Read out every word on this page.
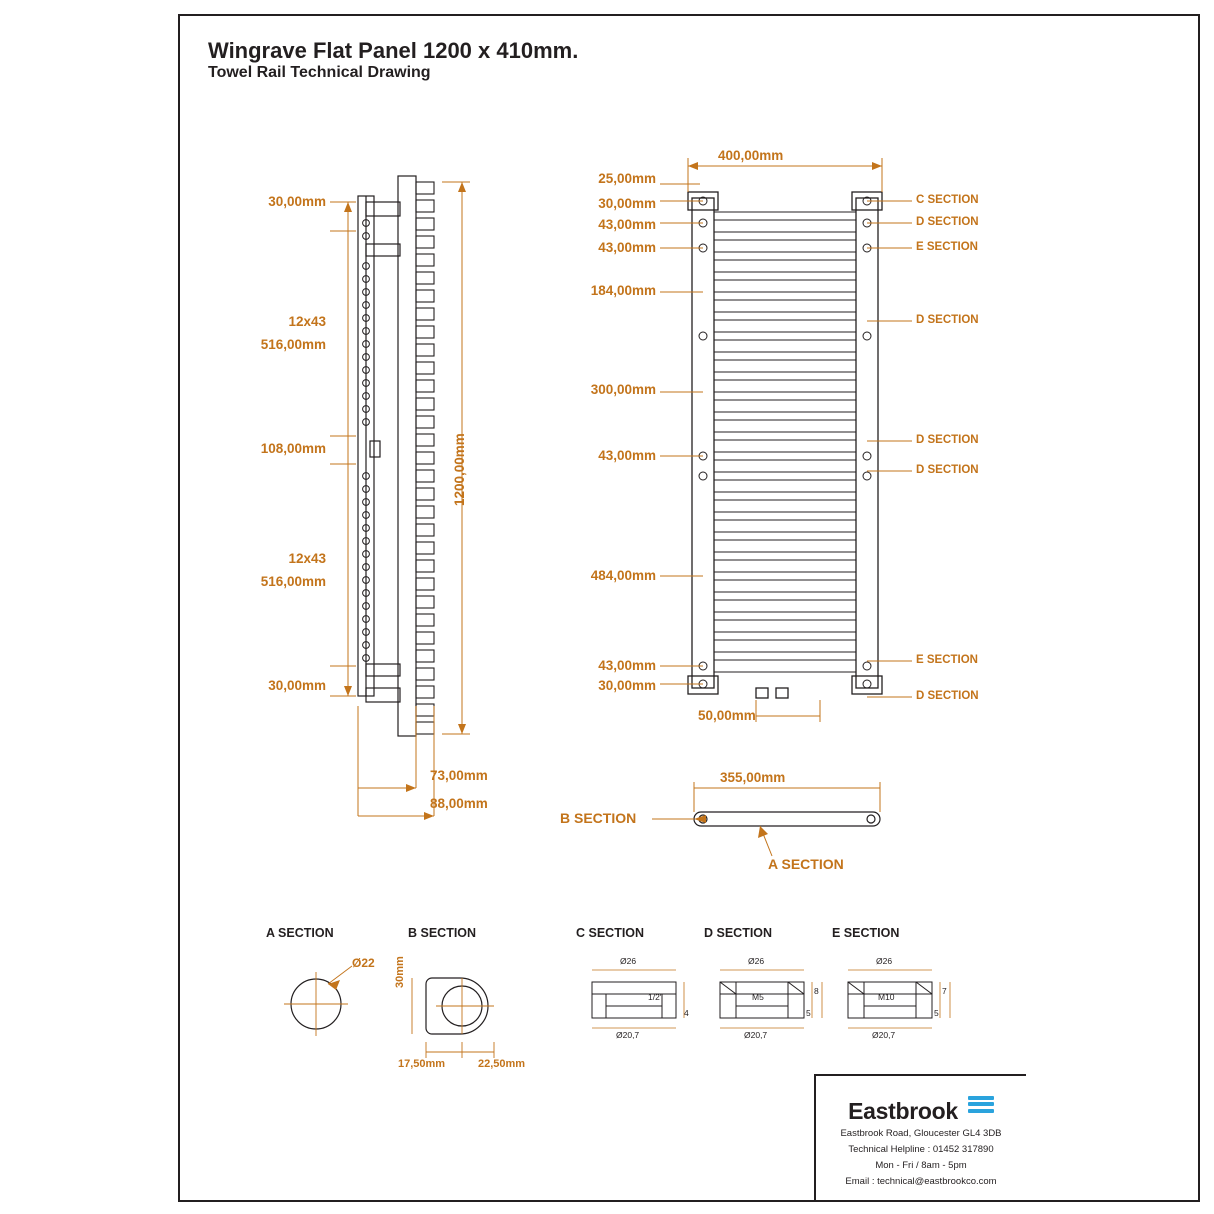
Wingrave Flat Panel 1200 x 410mm.
Towel Rail Technical Drawing
30,00mm
12x43
516,00mm
108,00mm
12x43
516,00mm
30,00mm
1200,00mm
73,00mm
88,00mm
400,00mm
25,00mm
30,00mm
43,00mm
43,00mm
184,00mm
300,00mm
43,00mm
484,00mm
43,00mm
30,00mm
50,00mm
C SECTION
D SECTION
E SECTION
D SECTION
D SECTION
D SECTION
E SECTION
D SECTION
355,00mm
B SECTION
A SECTION
A SECTION
Ø22
B SECTION
30mm
17,50mm	22,50mm
C SECTION
Ø26
Ø20,7
1/2"
4
D SECTION
Ø26
Ø20,7
M5
8
5
E SECTION
Ø26
Ø20,7
M10
7
5
Eastbrook
Eastbrook Road, Gloucester GL4 3DB
Technical Helpline : 01452 317890
Mon - Fri / 8am - 5pm
Email : technical@eastbrookco.com
